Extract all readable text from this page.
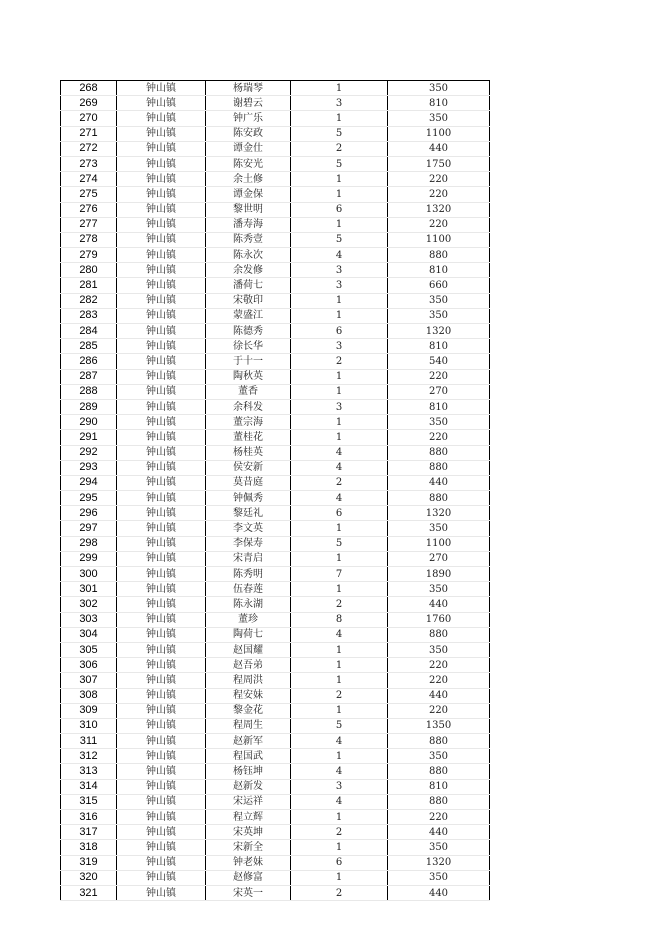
268	钟山镇	杨瑞琴	1	350
269	钟山镇	谢碧云	3	810
270	钟山镇	钟广乐	1	350
271	钟山镇	陈安政	5	1100
272	钟山镇	谭金仕	2	440
273	钟山镇	陈安光	5	1750
274	钟山镇	余土修	1	220
275	钟山镇	谭金保	1	220
276	钟山镇	黎世明	6	1320
277	钟山镇	潘寿海	1	220
278	钟山镇	陈秀壹	5	1100
279	钟山镇	陈永次	4	880
280	钟山镇	余发修	3	810
281	钟山镇	潘荷七	3	660
282	钟山镇	宋敬印	1	350
283	钟山镇	蒙盛江	1	350
284	钟山镇	陈德秀	6	1320
285	钟山镇	徐长华	3	810
286	钟山镇	于十一	2	540
287	钟山镇	陶秋英	1	220
288	钟山镇	董香	1	270
289	钟山镇	余科发	3	810
290	钟山镇	董宗海	1	350
291	钟山镇	董桂花	1	220
292	钟山镇	杨桂英	4	880
293	钟山镇	侯安新	4	880
294	钟山镇	莫昔庭	2	440
295	钟山镇	钟佩秀	4	880
296	钟山镇	黎廷礼	6	1320
297	钟山镇	李文英	1	350
298	钟山镇	李保寿	5	1100
299	钟山镇	宋青启	1	270
300	钟山镇	陈秀明	7	1890
301	钟山镇	伍春莲	1	350
302	钟山镇	陈永湖	2	440
303	钟山镇	董珍	8	1760
304	钟山镇	陶荷七	4	880
305	钟山镇	赵国耀	1	350
306	钟山镇	赵吾弟	1	220
307	钟山镇	程周洪	1	220
308	钟山镇	程安妹	2	440
309	钟山镇	黎金花	1	220
310	钟山镇	程周生	5	1350
311	钟山镇	赵新军	4	880
312	钟山镇	程国武	1	350
313	钟山镇	杨钰坤	4	880
314	钟山镇	赵新发	3	810
315	钟山镇	宋运祥	4	880
316	钟山镇	程立辉	1	220
317	钟山镇	宋英坤	2	440
318	钟山镇	宋新全	1	350
319	钟山镇	钟老妹	6	1320
320	钟山镇	赵修富	1	350
321	钟山镇	宋英一	2	440
